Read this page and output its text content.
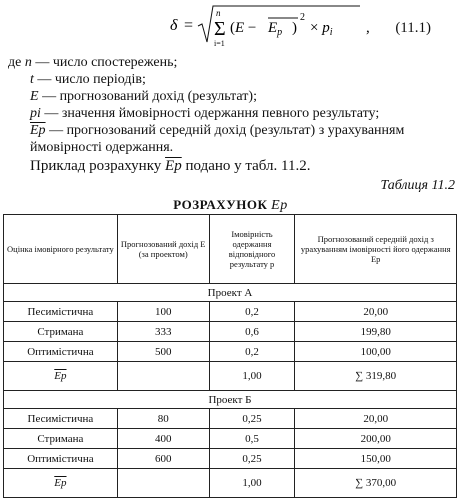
δ =
n
Σ
i=1
($E - E_p$ )
2
× $p_i$ , (11.1)
де n — число спостережень;
t — число періодів;
E — прогнозований дохід (результат);
pi — значення ймовірності одержання певного результату;
$\overline{Ep}$ — прогнозований середній дохід (результат) з урахуванням ймовірності одержання.
Приклад розрахунку $\overline{Ep}$ подано у табл. 11.2.
Таблиця 11.2
РОЗРАХУНОК Ep
Оцінка імовірного результату	Прогнозований дохід E (за проектом)	Імовірність одержання відповідного результату p	Прогнозований середній дохід з урахуванням імовірності його одержання Ep
Проект А			
Песимістична	100	0,2	20,00
Стримана	333	0,6	199,80
Оптимістична	500	0,2	100,00
$\overline{Ep}$		1,00	∑ 319,80
Проект Б			
Песимістична	80	0,25	20,00
Стримана	400	0,5	200,00
Оптимістична	600	0,25	150,00
$\overline{Ep}$		1,00	∑ 370,00
